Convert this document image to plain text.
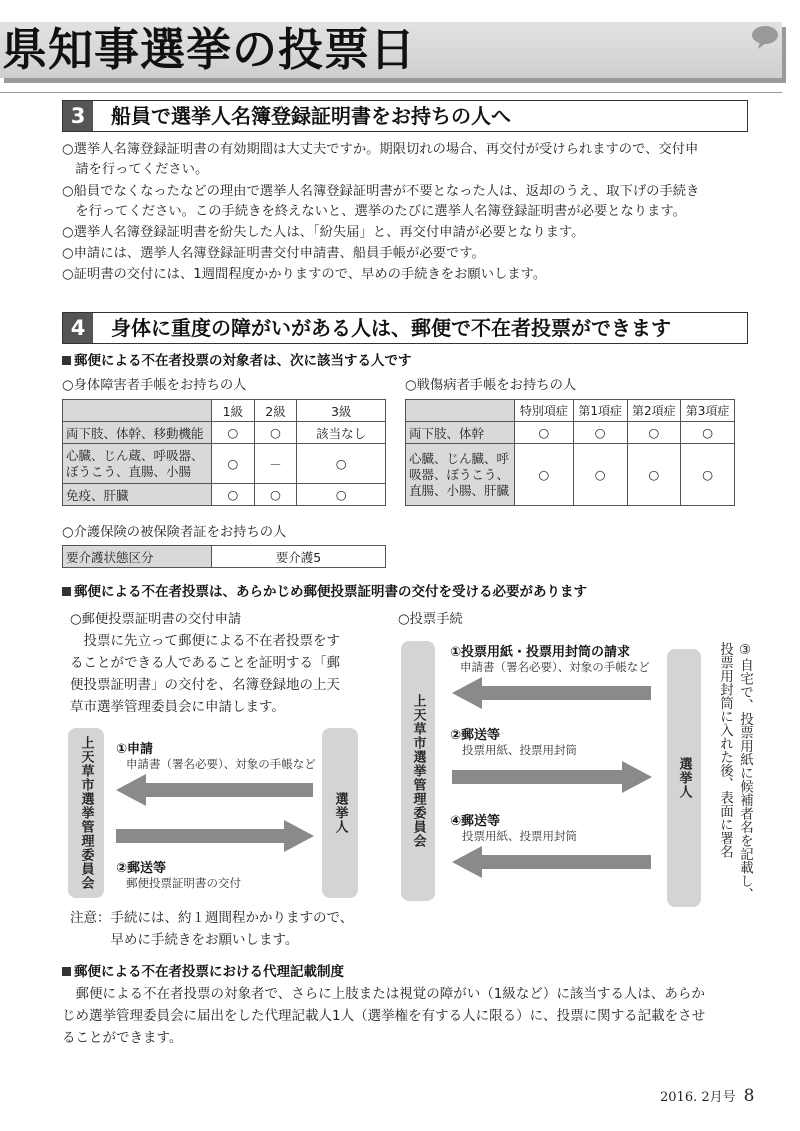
県知事選挙の投票日
3	船員で選挙人名簿登録証明書をお持ちの人へ
○選挙人名簿登録証明書の有効期間は大丈夫ですか。期限切れの場合、再交付が受けられますので、交付申
　請を行ってください。
○船員でなくなったなどの理由で選挙人名簿登録証明書が不要となった人は、返却のうえ、取下げの手続き
　を行ってください。この手続きを終えないと、選挙のたびに選挙人名簿登録証明書が必要となります。
○選挙人名簿登録証明書を紛失した人は、「紛失届」と、再交付申請が必要となります。
○申請には、選挙人名簿登録証明書交付申請書、船員手帳が必要です。
○証明書の交付には、1週間程度かかりますので、早めの手続きをお願いします。
4	身体に重度の障がいがある人は、郵便で不在者投票ができます
郵便による不在者投票の対象者は、次に該当する人です
○身体障害者手帳をお持ちの人
	1級	2級	3級
両下肢、体幹、移動機能	○	○	該当なし
心臓、じん蔵、呼吸器、ぼうこう、直腸、小腸	○	－	○
免疫、肝臓	○	○	○
○戦傷病者手帳をお持ちの人
	特別項症	第1項症	第2項症	第3項症
両下肢、体幹	○	○	○	○
心臓、じん臓、呼吸器、ぼうこう、直腸、小腸、肝臓	○	○	○	○
○介護保険の被保険者証をお持ちの人
要介護状態区分	要介護5
郵便による不在者投票は、あらかじめ郵便投票証明書の交付を受ける必要があります
○郵便投票証明書の交付申請
　投票に先立って郵便による不在者投票をす
ることができる人であることを証明する「郵
便投票証明書」の交付を、名簿登録地の上天
草市選挙管理委員会に申請します。
上天草市選挙管理委員会	選挙人
①申請
申請書（署名必要）、対象の手帳など
②郵送等
郵便投票証明書の交付
注意：手続には、約１週間程かかりますので、
　　　早めに手続きをお願いします。
○投票手続
上天草市選挙管理委員会	選挙人
①投票用紙・投票用封筒の請求
申請書（署名必要）、対象の手帳など
②郵送等
投票用紙、投票用封筒
④郵送等
投票用紙、投票用封筒	③自宅で、投票用紙に候補者名を記載し、投票用封筒に入れた後、表面に署名
郵便による不在者投票における代理記載制度
　郵便による不在者投票の対象者で、さらに上肢または視覚の障がい（1級など）に該当する人は、あらか
じめ選挙管理委員会に届出をした代理記載人1人（選挙権を有する人に限る）に、投票に関する記載をさせ
ることができます。
2016. 2月号 8
